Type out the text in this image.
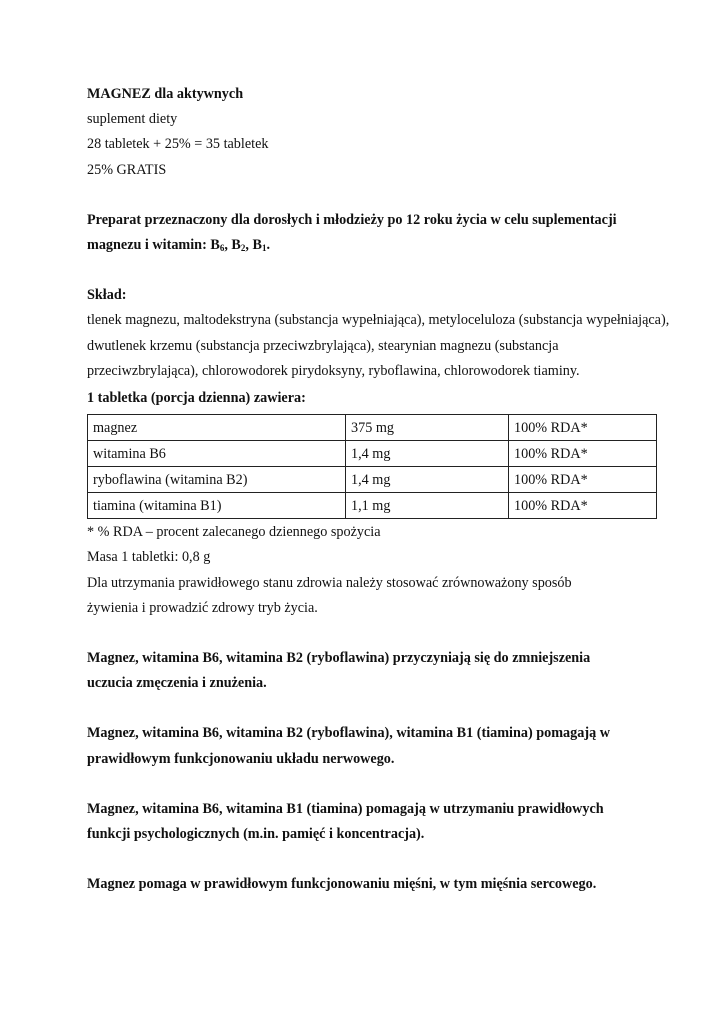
MAGNEZ dla aktywnych

suplement diety

28 tabletek + 25% = 35 tabletek

25% GRATIS

Preparat przeznaczony dla dorosłych i młodzieży po 12 roku życia w celu suplementacji magnezu i witamin: $B_6$, $B_2$, $B_1$.

Skład:

tlenek magnezu, maltodekstryna (substancja wypełniająca), metyloceluloza (substancja wypełniająca), dwutlenek krzemu (substancja przeciwzbrylająca), stearynian magnezu (substancja przeciwzbrylająca), chlorowodorek pirydoksyny, ryboflawina, chlorowodorek tiaminy.

1 tabletka (porcja dzienna) zawiera:

magnez	375 mg	100% RDA*
witamina B6	1,4 mg	100% RDA*
ryboflawina (witamina B2)	1,4 mg	100% RDA*
tiamina (witamina B1)	1,1 mg	100% RDA*

* % RDA – procent zalecanego dziennego spożycia

Masa 1 tabletki: 0,8 g

Dla utrzymania prawidłowego stanu zdrowia należy stosować zrównoważony sposób

żywienia i prowadzić zdrowy tryb życia.

Magnez, witamina B6, witamina B2 (ryboflawina) przyczyniają się do zmniejszenia

uczucia zmęczenia i znużenia.

Magnez, witamina B6, witamina B2 (ryboflawina), witamina B1 (tiamina) pomagają w

prawidłowym funkcjonowaniu układu nerwowego.

Magnez, witamina B6, witamina B1 (tiamina) pomagają w utrzymaniu prawidłowych

funkcji psychologicznych (m.in. pamięć i koncentracja).

Magnez pomaga w prawidłowym funkcjonowaniu mięśni, w tym mięśnia sercowego.
